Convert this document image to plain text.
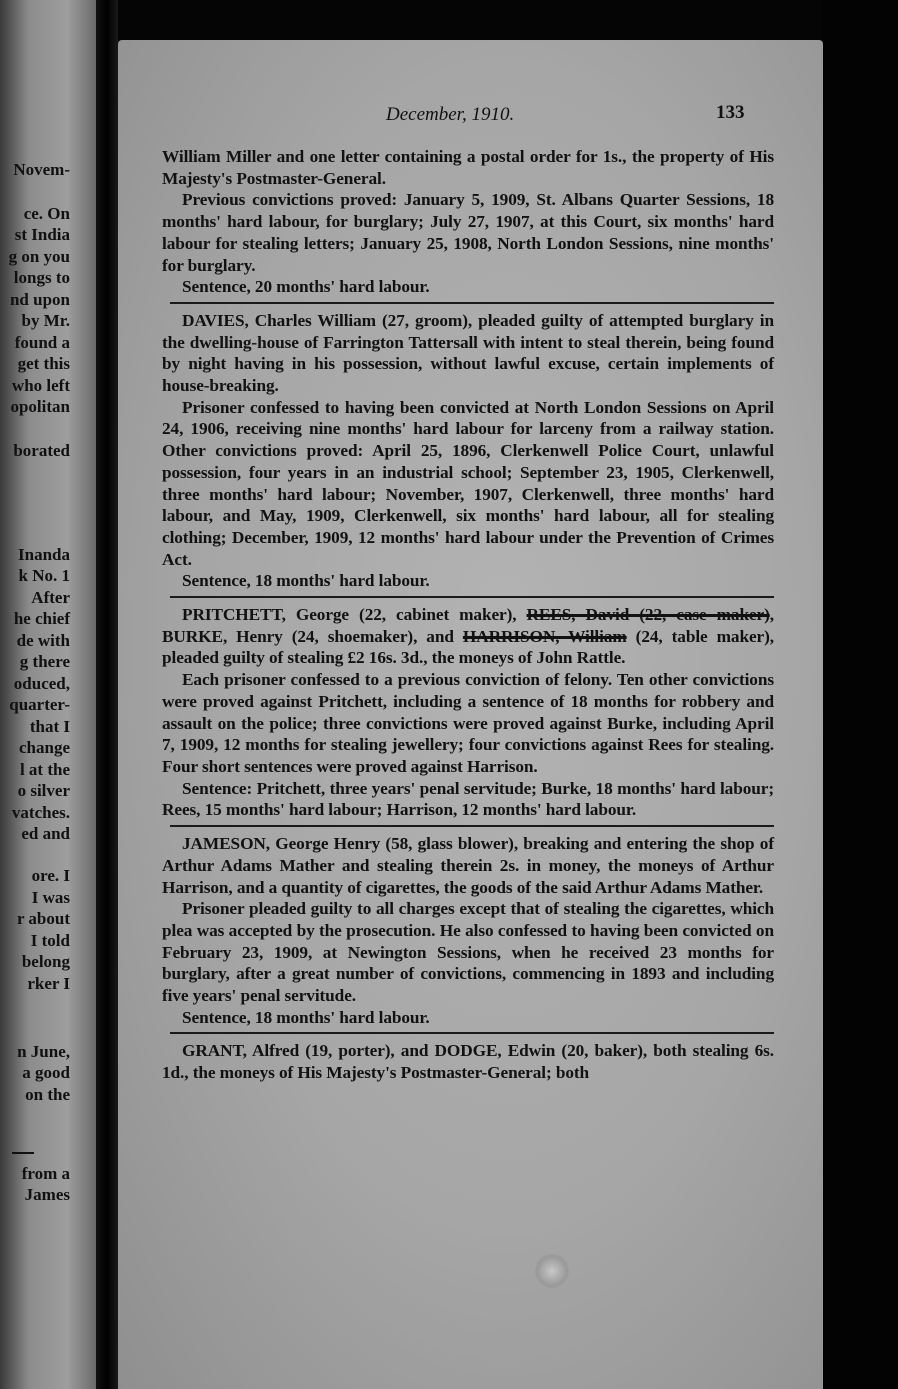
Novem-
ce. On
st India
g on you
longs to
nd upon
by Mr.
found a
get this
who left
opolitan
borated
Inanda
k No. 1
After
he chief
de with
g there
oduced,
quarter-
that I
change
l at the
o silver
vatches.
ed and
ore. I
I was
r about
I told
belong
rker I
n June,
a good
on the
from a
James
December, 1910.	133

William Miller and one letter containing a postal order for 1s., the property of His Majesty's Postmaster-General.

Previous convictions proved: January 5, 1909, St. Albans Quarter Sessions, 18 months' hard labour, for burglary; July 27, 1907, at this Court, six months' hard labour for stealing letters; January 25, 1908, North London Sessions, nine months' for burglary.

Sentence, 20 months' hard labour.

DAVIES, Charles William (27, groom), pleaded guilty of attempted burglary in the dwelling-house of Farrington Tattersall with intent to steal therein, being found by night having in his possession, without lawful excuse, certain implements of house-breaking.

Prisoner confessed to having been convicted at North London Sessions on April 24, 1906, receiving nine months' hard labour for larceny from a railway station. Other convictions proved: April 25, 1896, Clerkenwell Police Court, unlawful possession, four years in an industrial school; September 23, 1905, Clerkenwell, three months' hard labour; November, 1907, Clerkenwell, three months' hard labour, and May, 1909, Clerkenwell, six months' hard labour, all for stealing clothing; December, 1909, 12 months' hard labour under the Prevention of Crimes Act.

Sentence, 18 months' hard labour.

PRITCHETT, George (22, cabinet maker), REES, David (22, case maker), BURKE, Henry (24, shoemaker), and HARRISON, William (24, table maker), pleaded guilty of stealing £2 16s. 3d., the moneys of John Rattle.

Each prisoner confessed to a previous conviction of felony. Ten other convictions were proved against Pritchett, including a sentence of 18 months for robbery and assault on the police; three convictions were proved against Burke, including April 7, 1909, 12 months for stealing jewellery; four convictions against Rees for stealing. Four short sentences were proved against Harrison.

Sentence: Pritchett, three years' penal servitude; Burke, 18 months' hard labour; Rees, 15 months' hard labour; Harrison, 12 months' hard labour.

JAMESON, George Henry (58, glass blower), breaking and entering the shop of Arthur Adams Mather and stealing therein 2s. in money, the moneys of Arthur Harrison, and a quantity of cigarettes, the goods of the said Arthur Adams Mather.

Prisoner pleaded guilty to all charges except that of stealing the cigarettes, which plea was accepted by the prosecution. He also confessed to having been convicted on February 23, 1909, at Newington Sessions, when he received 23 months for burglary, after a great number of convictions, commencing in 1893 and including five years' penal servitude.

Sentence, 18 months' hard labour.

GRANT, Alfred (19, porter), and DODGE, Edwin (20, baker), both stealing 6s. 1d., the moneys of His Majesty's Postmaster-General; both
